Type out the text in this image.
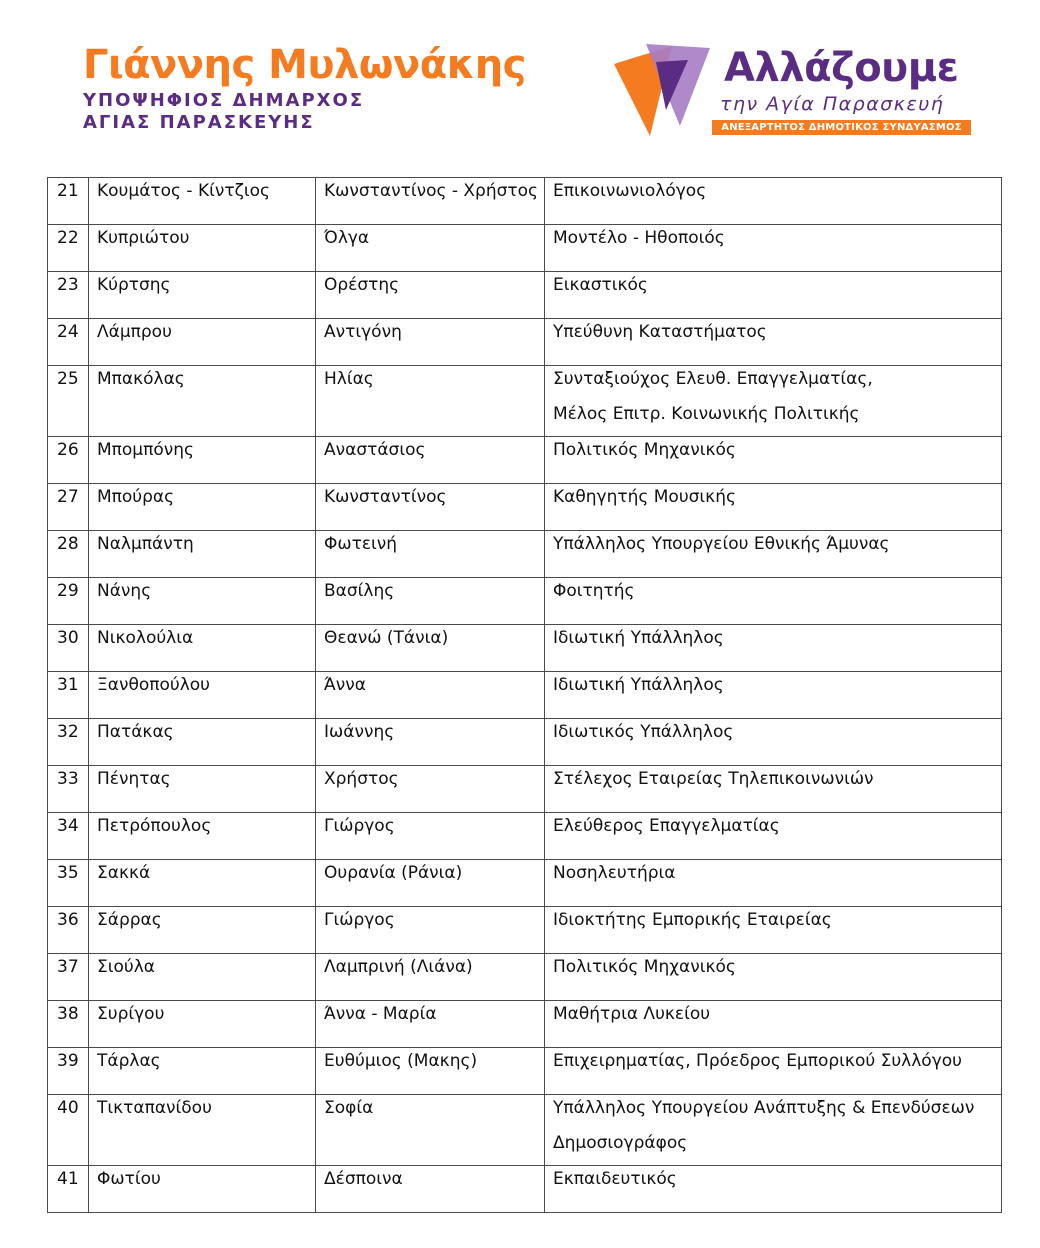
Γιάννης Μυλωνάκης
ΥΠΟΨΗΦΙΟΣ ΔΗΜΑΡΧΟΣ
ΑΓΙΑΣ ΠΑΡΑΣΚΕΥΗΣ
Αλλάζουμε
την Αγία Παρασκευή
ΑΝΕΞΑΡΤΗΤΟΣ ΔΗΜΟΤΙΚΟΣ ΣΥΝΔΥΑΣΜΟΣ
21	Κουμάτος - Κίντζιος	Κωνσταντίνος - Χρήστος	Επικοινωνιολόγος
22	Κυπριώτου	Όλγα	Μοντέλο - Ηθοποιός
23	Κύρτσης	Ορέστης	Εικαστικός
24	Λάμπρου	Αντιγόνη	Υπεύθυνη Καταστήματος
25	Μπακόλας	Ηλίας	Συνταξιούχος Ελευθ. Επαγγελματίας,
Μέλος Επιτρ. Κοινωνικής Πολιτικής

26	Μπομπόνης	Αναστάσιος	Πολιτικός Μηχανικός
27	Μπούρας	Κωνσταντίνος	Καθηγητής Μουσικής
28	Ναλμπάντη	Φωτεινή	Υπάλληλος Υπουργείου Εθνικής Άμυνας
29	Νάνης	Βασίλης	Φοιτητής
30	Νικολούλια	Θεανώ (Τάνια)	Ιδιωτική Υπάλληλος
31	Ξανθοπούλου	Άννα	Ιδιωτική Υπάλληλος
32	Πατάκας	Ιωάννης	Ιδιωτικός Υπάλληλος
33	Πένητας	Χρήστος	Στέλεχος Εταιρείας Τηλεπικοινωνιών
34	Πετρόπουλος	Γιώργος	Ελεύθερος Επαγγελματίας
35	Σακκά	Ουρανία (Ράνια)	Νοσηλευτήρια
36	Σάρρας	Γιώργος	Ιδιοκτήτης Εμπορικής Εταιρείας
37	Σιούλα	Λαμπρινή (Λιάνα)	Πολιτικός Μηχανικός
38	Συρίγου	Άννα - Μαρία	Μαθήτρια Λυκείου
39	Τάρλας	Ευθύμιος (Μακης)	Επιχειρηματίας, Πρόεδρος Εμπορικού Συλλόγου
40	Τικταπανίδου	Σοφία	Υπάλληλος Υπουργείου Ανάπτυξης & Επενδύσεων
Δημοσιογράφος

41	Φωτίου	Δέσποινα	Εκπαιδευτικός
